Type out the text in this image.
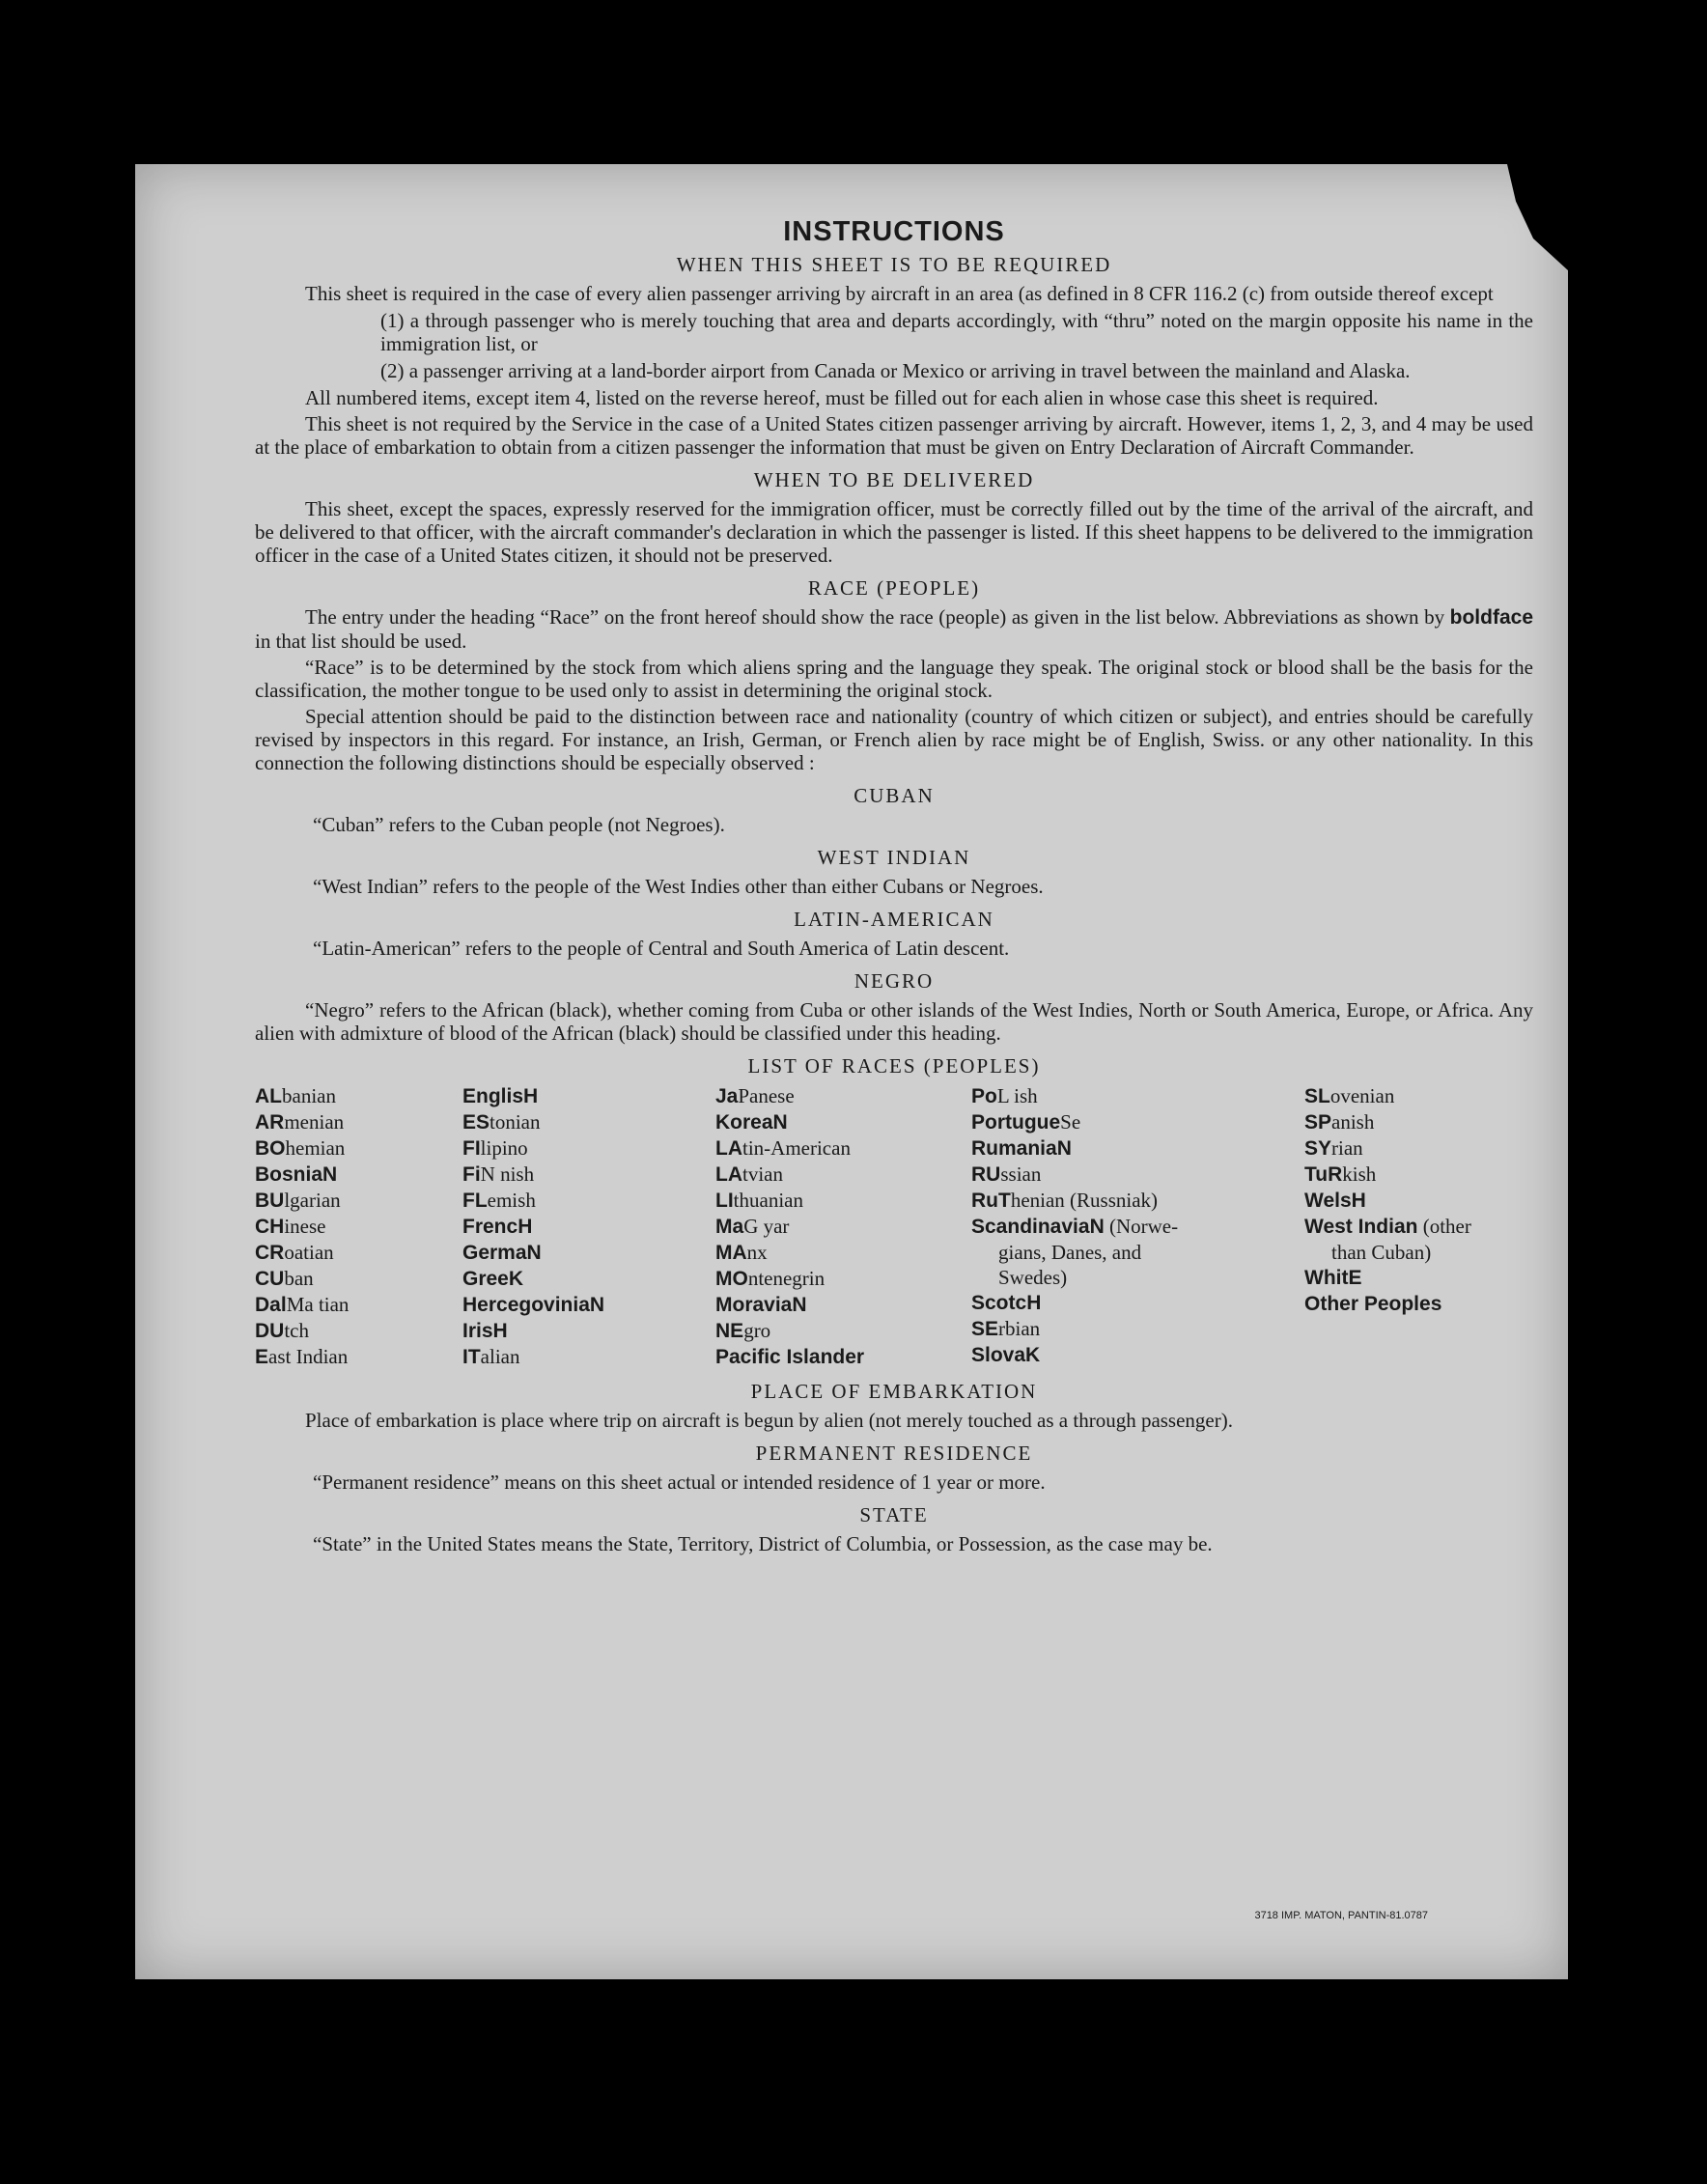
INSTRUCTIONS
WHEN THIS SHEET IS TO BE REQUIRED

This sheet is required in the case of every alien passenger arriving by aircraft in an area (as defined in 8 CFR 116.2 (c) from outside thereof except

(1) a through passenger who is merely touching that area and departs accordingly, with “thru” noted on the margin opposite his name in the immigration list, or

(2) a passenger arriving at a land-border airport from Canada or Mexico or arriving in travel between the mainland and Alaska.

All numbered items, except item 4, listed on the reverse hereof, must be filled out for each alien in whose case this sheet is required.

This sheet is not required by the Service in the case of a United States citizen passenger arriving by aircraft. However, items 1, 2, 3, and 4 may be used at the place of embarkation to obtain from a citizen passenger the information that must be given on Entry Declaration of Aircraft Commander.

WHEN TO BE DELIVERED

This sheet, except the spaces, expressly reserved for the immigration officer, must be correctly filled out by the time of the arrival of the aircraft, and be delivered to that officer, with the aircraft commander's declaration in which the passenger is listed. If this sheet happens to be delivered to the immigration officer in the case of a United States citizen, it should not be preserved.

RACE (PEOPLE)

The entry under the heading “Race” on the front hereof should show the race (people) as given in the list below. Abbreviations as shown by boldface in that list should be used.

“Race” is to be determined by the stock from which aliens spring and the language they speak. The original stock or blood shall be the basis for the classification, the mother tongue to be used only to assist in determining the original stock.

Special attention should be paid to the distinction between race and nationality (country of which citizen or subject), and entries should be carefully revised by inspectors in this regard. For instance, an Irish, German, or French alien by race might be of English, Swiss. or any other nationality. In this connection the following distinctions should be especially observed :

CUBAN

“Cuban” refers to the Cuban people (not Negroes).

WEST INDIAN

“West Indian” refers to the people of the West Indies other than either Cubans or Negroes.

LATIN-AMERICAN

“Latin-American” refers to the people of Central and South America of Latin descent.

NEGRO

“Negro” refers to the African (black), whether coming from Cuba or other islands of the West Indies, North or South America, Europe, or Africa. Any alien with admixture of blood of the African (black) should be classified under this heading.

LIST OF RACES (PEOPLES)
ALbanian
ARmenian
BOhemian
BosniaN
BUlgarian
CHinese
CRoatian
CUban
DalMa tian
DUtch
East Indian
EnglisH
EStonian
FIlipino
FiN nish
FLemish
FrencH
GermaN
GreeK
HercegoviniaN
IrisH
ITalian
JaPanese
KoreaN
LAtin-American
LAtvian
LIthuanian
MaG yar
MAnx
MOntenegrin
MoraviaN
NEgro
Pacific Islander
PoL ish
PortugueSe
RumaniaN
RUssian
RuThenian (Russniak)
ScandinaviaN (Norwe-
gians, Danes, and
Swedes)
ScotcH
SErbian
SlovaK
SLovenian
SPanish
SYrian
TuRkish
WelsH
West Indian (other
than Cuban)
WhitE
Other Peoples
PLACE OF EMBARKATION

Place of embarkation is place where trip on aircraft is begun by alien (not merely touched as a through passenger).

PERMANENT RESIDENCE

“Permanent residence” means on this sheet actual or intended residence of 1 year or more.

STATE

“State” in the United States means the State, Territory, District of Columbia, or Possession, as the case may be.

3718 IMP. MATON, PANTIN-81.0787
